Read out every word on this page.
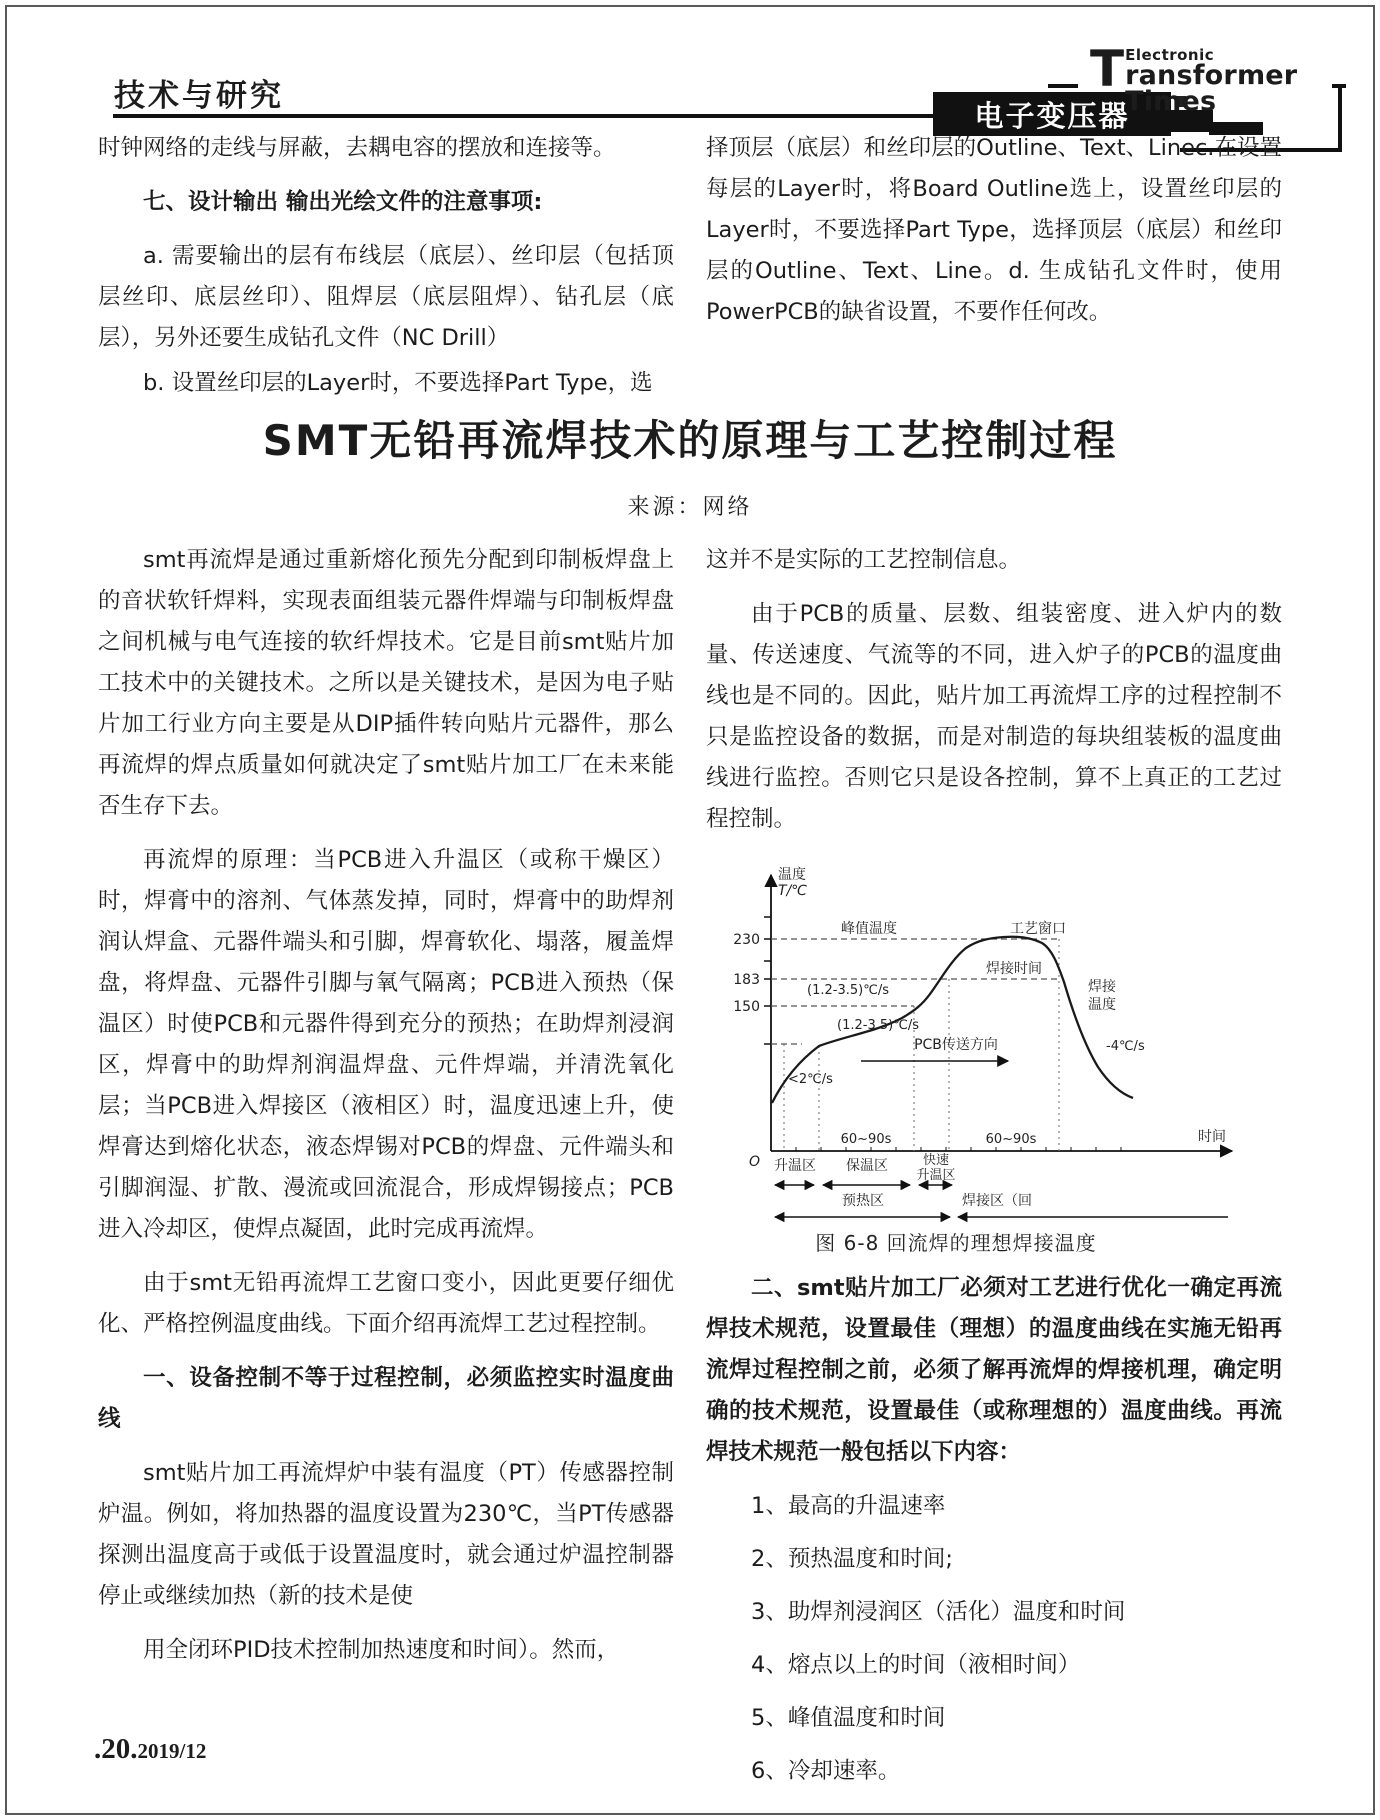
技术与研究
电子变压器
T Electronic
ransformer Times

时钟网络的走线与屏蔽，去耦电容的摆放和连接等。

七、设计输出 输出光绘文件的注意事项:

a. 需要输出的层有布线层（底层）、丝印层（包括顶层丝印、底层丝印）、阻焊层（底层阻焊）、钻孔层（底层），另外还要生成钻孔文件（NC Drill）

b. 设置丝印层的Layer时，不要选择Part Type，选

择顶层（底层）和丝印层的Outline、Text、Linec.在设置每层的Layer时，将Board Outline选上，设置丝印层的Layer时，不要选择Part Type，选择顶层（底层）和丝印层的Outline、Text、Line。d. 生成钻孔文件时，使用PowerPCB的缺省设置，不要作任何改。

SMT无铅再流焊技术的原理与工艺控制过程
来源：网络

smt再流焊是通过重新熔化预先分配到印制板焊盘上的音状软钎焊料，实现表面组装元器件焊端与印制板焊盘之间机械与电气连接的软纤焊技术。它是目前smt贴片加工技术中的关键技术。之所以是关键技术，是因为电子贴片加工行业方向主要是从DIP插件转向贴片元器件，那么再流焊的焊点质量如何就决定了smt贴片加工厂在未来能否生存下去。

再流焊的原理：当PCB进入升温区（或称干燥区）时，焊膏中的溶剂、气体蒸发掉，同时，焊膏中的助焊剂润认焊盒、元器件端头和引脚，焊膏软化、塌落，履盖焊盘，将焊盘、元器件引脚与氧气隔离；PCB进入预热（保温区）时使PCB和元器件得到充分的预热；在助焊剂浸润区，焊膏中的助焊剂润温焊盘、元件焊端，并清洗氧化层；当PCB进入焊接区（液相区）时，温度迅速上升，使焊膏达到熔化状态，液态焊锡对PCB的焊盘、元件端头和引脚润湿、扩散、漫流或回流混合，形成焊锡接点；PCB进入冷却区，使焊点凝固，此时完成再流焊。

由于smt无铅再流焊工艺窗口变小，因此更要仔细优化、严格控例温度曲线。下面介绍再流焊工艺过程控制。

一、设备控制不等于过程控制，必须监控实时温度曲线

smt贴片加工再流焊炉中装有温度（PT）传感器控制炉温。例如，将加热器的温度设置为230℃，当PT传感器探测出温度高于或低于设置温度时，就会通过炉温控制器停止或继续加热（新的技术是使

用全闭环PID技术控制加热速度和时间）。然而，

这并不是实际的工艺控制信息。

由于PCB的质量、层数、组装密度、进入炉内的数量、传送速度、气流等的不同，进入炉子的PCB的温度曲线也是不同的。因此，贴片加工再流焊工序的过程控制不只是监控设备的数据，而是对制造的每块组装板的温度曲线进行监控。否则它只是设各控制，算不上真正的工艺过程控制。

温度
T/℃
230
183
150
O
时间
峰值温度	工艺窗口
焊接时间
焊接
温度
(1.2-3.5)℃/s
(1.2-3.5)℃/s
<2℃/s
-4℃/s
PCB传送方向
60~90s	60~90s
升温区 保温区	快速
升温区
预热区	焊接区（回
图 6-8 回流焊的理想焊接温度

二、smt贴片加工厂必须对工艺进行优化一确定再流焊技术规范，设置最佳（理想）的温度曲线在实施无铅再流焊过程控制之前，必须了解再流焊的焊接机理，确定明确的技术规范，设置最佳（或称理想的）温度曲线。再流焊技术规范一般包括以下内容：

1、最高的升温速率

2、预热温度和时间;

3、助焊剂浸润区（活化）温度和时间

4、熔点以上的时间（液相时间）

5、峰值温度和时间

6、冷却速率。

.20.2019/12
